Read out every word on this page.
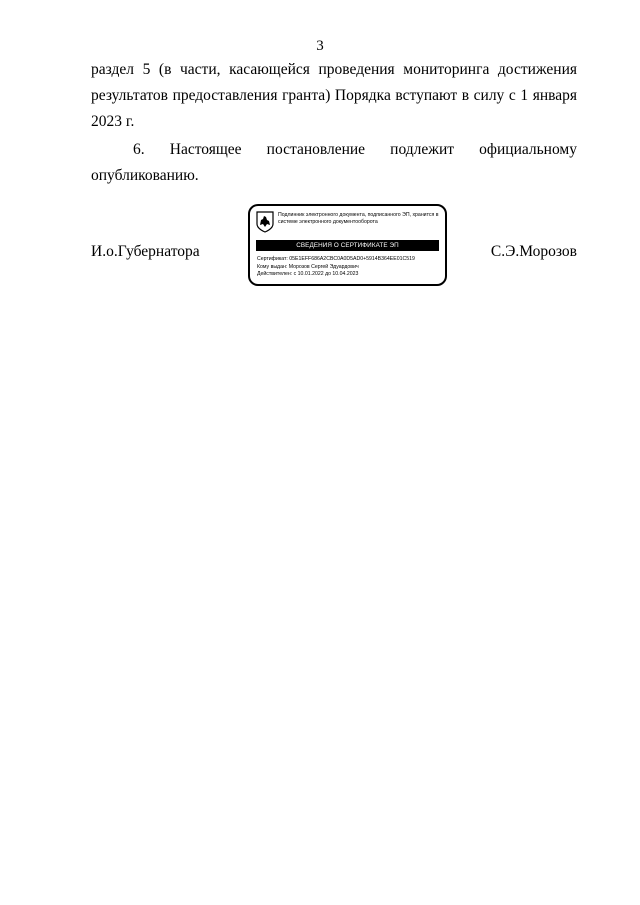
3
раздел 5 (в части, касающейся проведения мониторинга достижения результатов предоставления гранта) Порядка вступают в силу с 1 января 2023 г.
6. Настоящее постановление подлежит официальному опубликованию.
И.о.Губернатора
Подлинник электронного документа, подписанного ЭП, хранится в системе электронного документооборота
СВЕДЕНИЯ О СЕРТИФИКАТЕ ЭП
Сертификат: 05E1EFF686A2CBC0A0D5AD0+5914B364EE01C519
Кому выдан: Морозов Сергей Эдуардович
Действителен: с 10.01.2022 до 10.04.2023
С.Э.Морозов
